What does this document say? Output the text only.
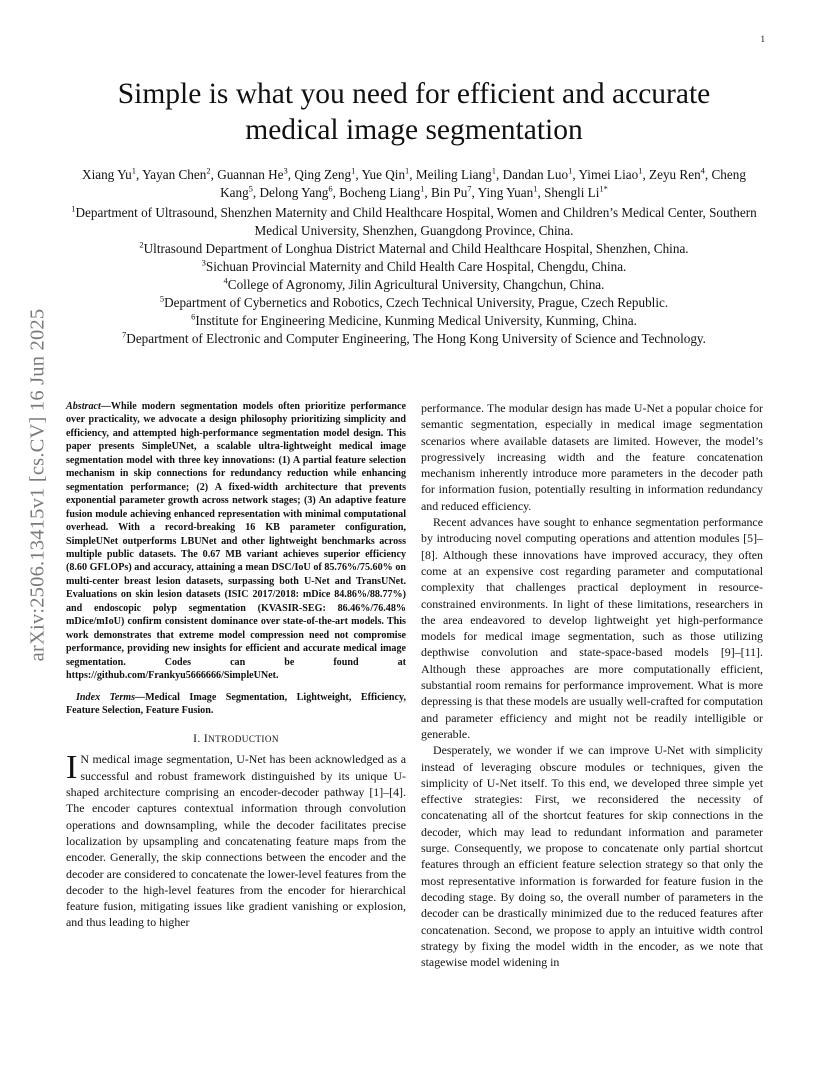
1
arXiv:2506.13415v1 [cs.CV] 16 Jun 2025
Simple is what you need for efficient and accurate
medical image segmentation

Xiang Yu$^1$, Yayan Chen$^2$, Guannan He$^3$, Qing Zeng$^1$, Yue Qin$^1$, Meiling Liang$^1$, Dandan Luo$^1$, Yimei Liao$^1$, Zeyu Ren$^4$, Cheng Kang$^5$, Delong Yang$^6$, Bocheng Liang$^1$, Bin Pu$^7$, Ying Yuan$^1$, Shengli $Li^{1*}$

$^1$Department of Ultrasound, Shenzhen Maternity and Child Healthcare Hospital, Women and Children’s Medical Center, Southern Medical University, Shenzhen, Guangdong Province, China.
$^2$Ultrasound Department of Longhua District Maternal and Child Healthcare Hospital, Shenzhen, China.
$^3$Sichuan Provincial Maternity and Child Health Care Hospital, Chengdu, China.
$^4$College of Agronomy, Jilin Agricultural University, Changchun, China.
$^5$Department of Cybernetics and Robotics, Czech Technical University, Prague, Czech Republic.
$^6$Institute for Engineering Medicine, Kunming Medical University, Kunming, China.
$^7$Department of Electronic and Computer Engineering, The Hong Kong University of Science and Technology.

Abstract—While modern segmentation models often prioritize performance over practicality, we advocate a design philosophy prioritizing simplicity and efficiency, and attempted high-performance segmentation model design. This paper presents SimpleUNet, a scalable ultra-lightweight medical image segmentation model with three key innovations: (1) A partial feature selection mechanism in skip connections for redundancy reduction while enhancing segmentation performance; (2) A fixed-width architecture that prevents exponential parameter growth across network stages; (3) An adaptive feature fusion module achieving enhanced representation with minimal computational overhead. With a record-breaking 16 KB parameter configuration, SimpleUNet outperforms LBUNet and other lightweight benchmarks across multiple public datasets. The 0.67 MB variant achieves superior efficiency (8.60 GFLOPs) and accuracy, attaining a mean DSC/IoU of 85.76%/75.60% on multi-center breast lesion datasets, surpassing both U-Net and TransUNet. Evaluations on skin lesion datasets (ISIC 2017/2018: mDice 84.86%/88.77%) and endoscopic polyp segmentation (KVASIR-SEG: 86.46%/76.48% mDice/mIoU) confirm consistent dominance over state-of-the-art models. This work demonstrates that extreme model compression need not compromise performance, providing new insights for efficient and accurate medical image segmentation. Codes can be found at https://github.com/Frankyu5666666/SimpleUNet.

Index Terms—Medical Image Segmentation, Lightweight, Efficiency, Feature Selection, Feature Fusion.

I. INTRODUCTION

I N medical image segmentation, U-Net has been acknowledged as a successful and robust framework distinguished by its unique U-shaped architecture comprising an encoder-decoder pathway [1]–[4]. The encoder captures contextual information through convolution operations and downsampling, while the decoder facilitates precise localization by upsampling and concatenating feature maps from the encoder. Generally, the skip connections between the encoder and the decoder are considered to concatenate the lower-level features from the decoder to the high-level features from the encoder for hierarchical feature fusion, mitigating issues like gradient vanishing or explosion, and thus leading to higher

performance. The modular design has made U-Net a popular choice for semantic segmentation, especially in medical image segmentation scenarios where available datasets are limited. However, the model’s progressively increasing width and the feature concatenation mechanism inherently introduce more parameters in the decoder path for information fusion, potentially resulting in information redundancy and reduced efficiency.

Recent advances have sought to enhance segmentation performance by introducing novel computing operations and attention modules [5]–[8]. Although these innovations have improved accuracy, they often come at an expensive cost regarding parameter and computational complexity that challenges practical deployment in resource-constrained environments. In light of these limitations, researchers in the area endeavored to develop lightweight yet high-performance models for medical image segmentation, such as those utilizing depthwise convolution and state-space-based models [9]–[11]. Although these approaches are more computationally efficient, substantial room remains for performance improvement. What is more depressing is that these models are usually well-crafted for computation and parameter efficiency and might not be readily intelligible or generable.

Desperately, we wonder if we can improve U-Net with simplicity instead of leveraging obscure modules or techniques, given the simplicity of U-Net itself. To this end, we developed three simple yet effective strategies: First, we reconsidered the necessity of concatenating all of the shortcut features for skip connections in the decoder, which may lead to redundant information and parameter surge. Consequently, we propose to concatenate only partial shortcut features through an efficient feature selection strategy so that only the most representative information is forwarded for feature fusion in the decoding stage. By doing so, the overall number of parameters in the decoder can be drastically minimized due to the reduced features after concatenation. Second, we propose to apply an intuitive width control strategy by fixing the model width in the encoder, as we note that stagewise model widening in
